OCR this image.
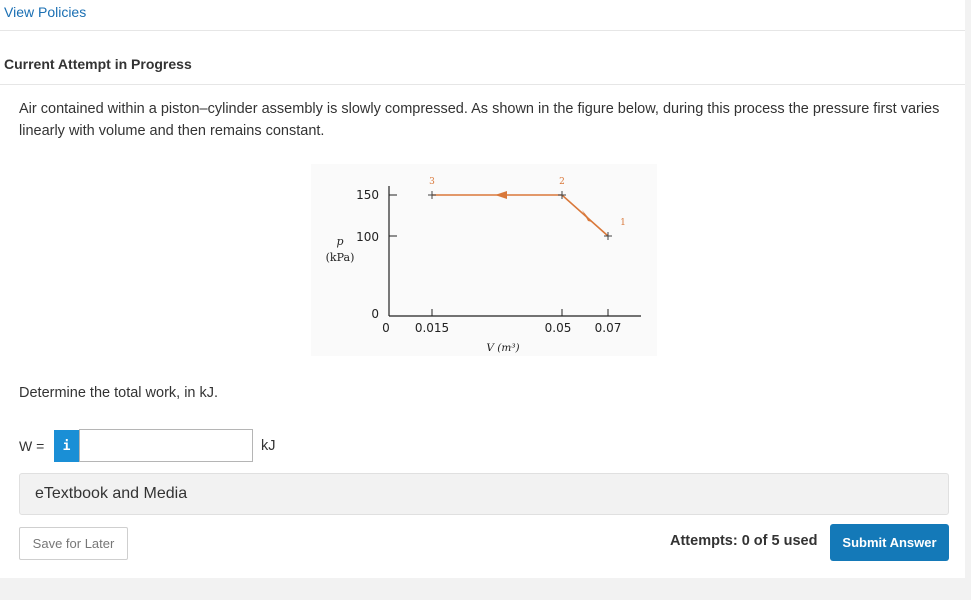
View Policies
Current Attempt in Progress
Air contained within a piston–cylinder assembly is slowly compressed. As shown in the figure below, during this process the pressure first varies linearly with volume and then remains constant.
150
100
0
0 0.015	0.05 0.07
p
(kPa)
V (m³)
3	2
1
Determine the total work, in kJ.
W =	i	kJ
eTextbook and Media
Save for Later	Attempts: 0 of 5 used	Submit Answer
